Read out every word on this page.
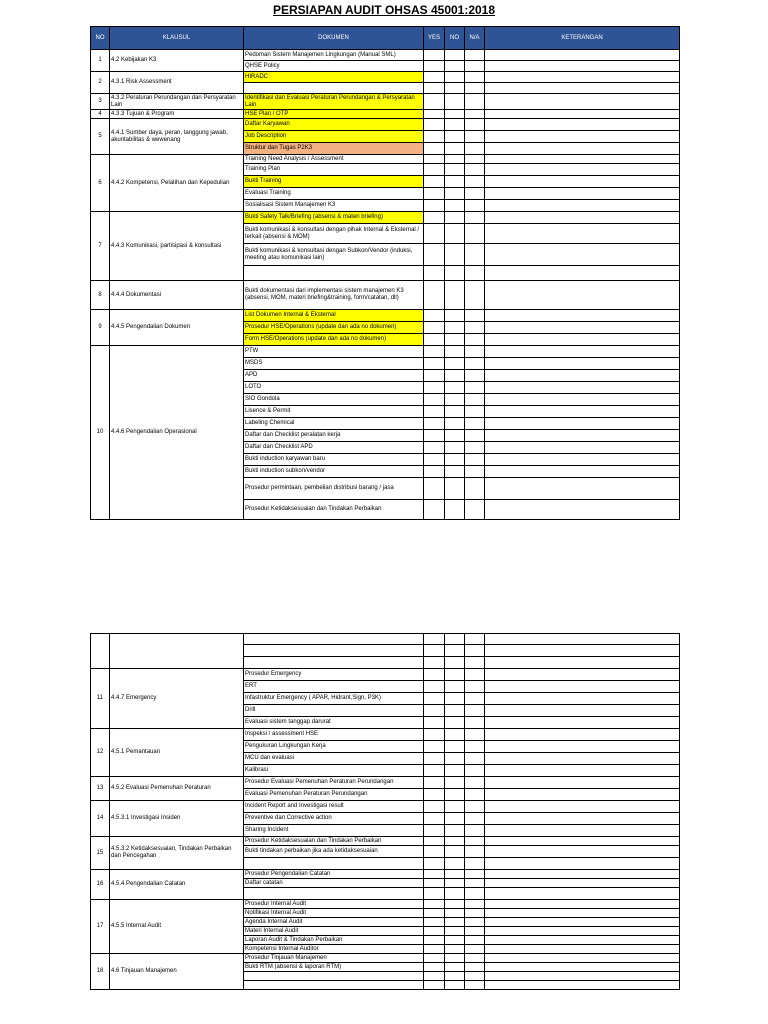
PERSIAPAN AUDIT OHSAS 45001:2018
NO	KLAUSUL	DOKUMEN	YES	NO	N/A	KETERANGAN
1	4.2 Kebijakan K3	Pedoman Sistem Manajemen Lingkungan (Manual SML)				
		QHSE Policy				
2	4.3.1 Risk Assessment	HIRADC				

3	4.3.2 Peraturan Perundangan dan Persyaratan Lain	Identifikasi dan Evaluasi Peraturan Perundangan & Persyaratan Lain				
4	4.3.3 Tujuan & Program	HSE Plan / OTP				
5	4.4.1 Sumber daya, peran, tanggung jawab, akuntabilitas & wewenang	Daftar Karyawan				
		Job Description				
		Struktur dan Tugas P2K3				
6	4.4.2 Kompetensi, Pelatihan dan Kepedulian	Training Need Analysis / Assessment				
		Training Plan				
		Bukti Training				
		Evaluasi Training				
		Sosialisasi Sistem Manajemen K3				
7	4.4.3 Komunikasi, partisipasi & konsultasi	Bukti Safety Talk/Briefing (absensi & materi briefing)				
		Bukti komunikasi & konsultasi dengan pihak Internal & Eksternal / terkait (absensi & MOM)				
		Bukti komunikasi & konsultasi dengan Subkon/Vendor (induksi, meeting atau komunikasi lain)				

8	4.4.4 Dokumentasi	Bukti dokumentasi dari implementasi sistem manajemen K3 (absensi, MOM, materi briefing&training, form/catatan, dll)				
9	4.4.5 Pengendalian Dokumen	List Dokumen Internal & Eksternal				
		Prosedur HSE/Operations (update dan ada no dokumen)				
		Form HSE/Operations (update dan ada no dokumen)				
10	4.4.6 Pengendalian Operasional	PTW				
		MSDS				
		APD				
		LOTO				
		SIO Gondola				
		Lisence & Permit				
		Labeling Chemical				
		Daftar dan Checklist peralatan kerja				
		Daftar dan Checklist APD				
		Bukti induction karyawan baru				
		Bukti induction subkon/vendor				
		Prosedur permintaan, pembelian distribusi barang / jasa				
		Prosedur Ketidaksesuaian dan Tindakan Perbaikan				

11	4.4.7 Emergency	Prosedur Emergency				
		ERT				
		Infastruktur Emergency ( APAR, Hidrant,Sign, P3K)				
		Drill				
		Evaluasi sistem tanggap darurat				
12	4.5.1 Pemantauan	Inspeksi / assessment HSE				
		Pengukuran Lingkungan Kerja				
		MCU dan evaluasi				
		Kalibrasi				
13	4.5.2 Evaluasi Pemenuhan Peraturan	Prosedur Evaluasi Pemenuhan Peraturan Perundangan				
		Evaluasi Pemenuhan Peraturan Perundangan				
14	4.5.3.1 Investigasi Insiden	Incident Report and Investigasi result				
		Preventive dan Corrective action				
		Sharing Incident				
15	4.5.3.2 Ketidaksesuaian, Tindakan Perbaikan dan Pencegahan	Prosedur Ketidaksesuaian dan Tindakan Perbaikan				
		Bukti tindakan perbaikan jika ada ketidaksesuaian				

16	4.5.4 Pengendalian Catatan	Prosedur Pengendalian Catatan				
		Daftar catatan				

17	4.5.5 Internal Audit	Prosedur Internal Audit				
		Notifikasi Internal Audit				
		Agenda Internal Audit				
		Materi Internal Audit				
		Laporan Audit & Tindakan Perbaikan				
		Kompetensi Internal Auditor				
18	4.6 Tinjauan Manajemen	Prosedur Tinjauan Manajemen				
		Bukti RTM (absensi & laporan RTM)				
